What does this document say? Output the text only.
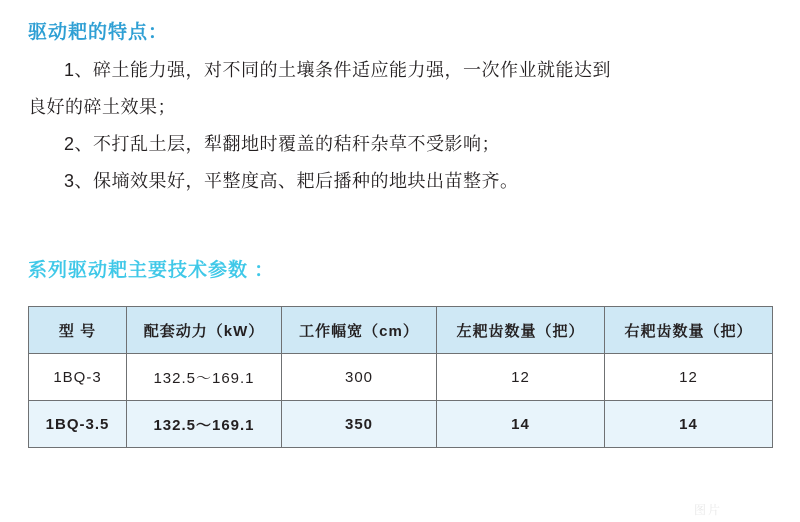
驱动耙的特点：

1、碎土能力强，对不同的土壤条件适应能力强，一次作业就能达到
良好的碎土效果；

2、不打乱土层，犁翻地时覆盖的秸秆杂草不受影响；

3、保墒效果好，平整度高、耙后播种的地块出苗整齐。

系列驱动耙主要技术参数 ：
型 号	配套动力（kW）	工作幅宽（cm）	左耙齿数量（把）	右耙齿数量（把）
1BQ-3	132.5～169.1	300	12	12
1BQ-3.5	132.5～169.1	350	14	14
图片
